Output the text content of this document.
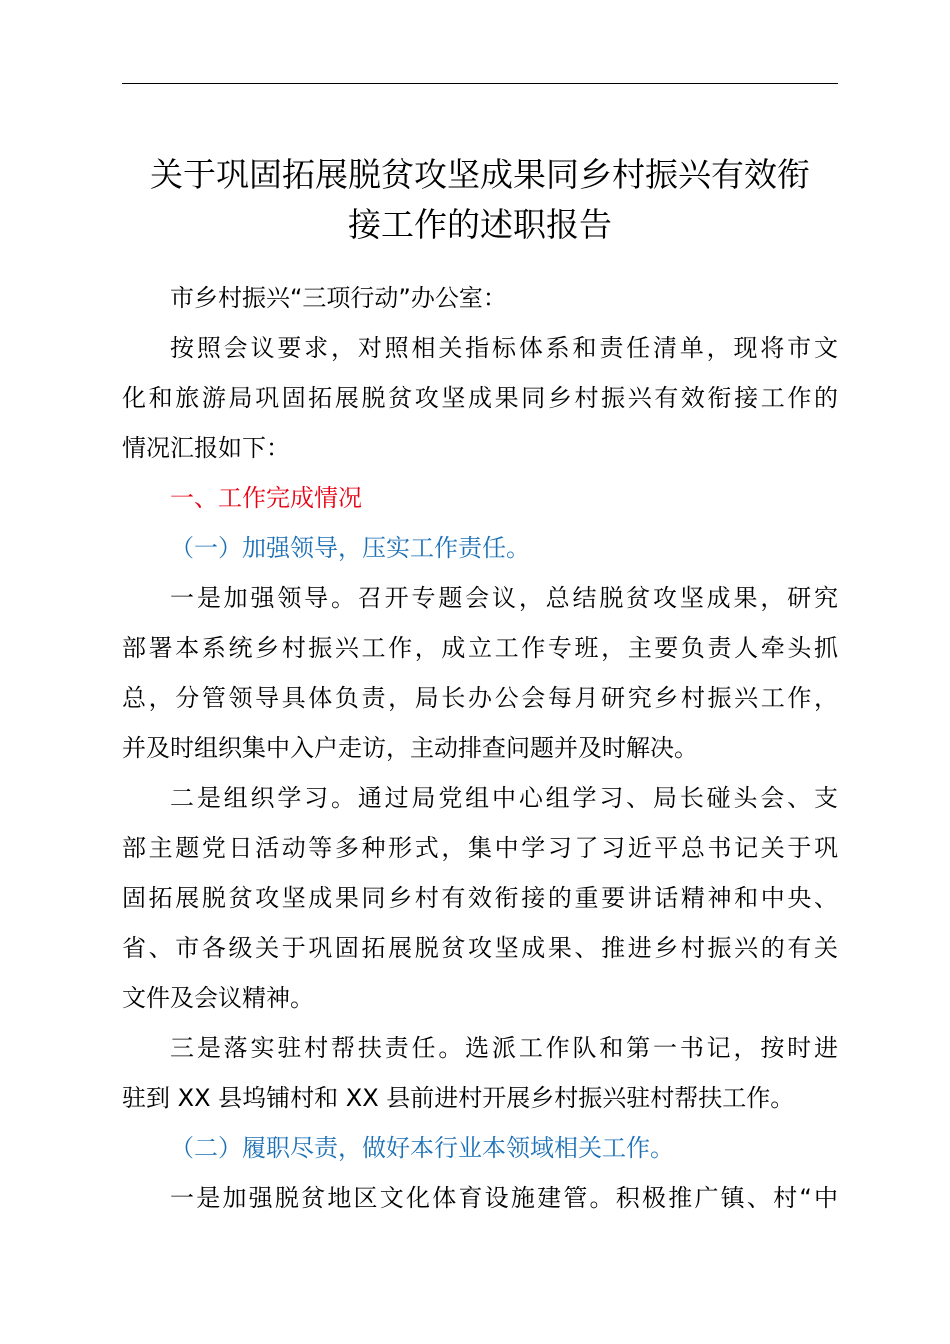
关于巩固拓展脱贫攻坚成果同乡村振兴有效衔
接工作的述职报告

市乡村振兴“三项行动”办公室：

按照会议要求，对照相关指标体系和责任清单，现将市文
化和旅游局巩固拓展脱贫攻坚成果同乡村振兴有效衔接工作的
情况汇报如下：

一、工作完成情况

（一）加强领导，压实工作责任。

一是加强领导。召开专题会议，总结脱贫攻坚成果，研究
部署本系统乡村振兴工作，成立工作专班，主要负责人牵头抓
总，分管领导具体负责，局长办公会每月研究乡村振兴工作，
并及时组织集中入户走访，主动排查问题并及时解决。
二是组织学习。通过局党组中心组学习、局长碰头会、支
部主题党日活动等多种形式，集中学习了习近平总书记关于巩
固拓展脱贫攻坚成果同乡村有效衔接的重要讲话精神和中央、
省、市各级关于巩固拓展脱贫攻坚成果、推进乡村振兴的有关
文件及会议精神。
三是落实驻村帮扶责任。选派工作队和第一书记，按时进
驻到 XX 县坞铺村和 XX 县前进村开展乡村振兴驻村帮扶工作。

（二）履职尽责，做好本行业本领域相关工作。

一是加强脱贫地区文化体育设施建管。积极推广镇、村“中
